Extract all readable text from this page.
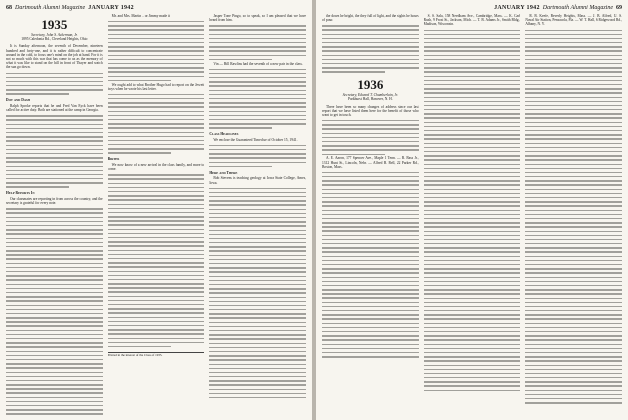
68 Dartmouth Alumni Magazine JANUARY 1942
1935
Secretary, John S. Ackerman, Jr.
1895 Caledonia Rd., Cleveland Heights, Ohio

It is Sunday afternoon, the seventh of December, nineteen hundred and forty-one, and it is rather difficult to concentrate around in the cold, to focus one's mind on the job at hand. For it is not so much with this war that has come to us as the memory of what it was like to stand on the hill in front of Thayer and watch the sun go down.

Dot and Dash

Ralph Sproke reports that he and Fred Van Eyck have been called for active duty. Both are stationed at the camp in Georgia.

Help Reports In

Our classmates are reporting in from across the country, and the secretary is grateful for every note.

Mr. and Mrs. Martin .. or Jimmy made it

We ought add to what Brother Hugo had to report on the Jewett boys when he wrote his last letter.

Births

We now know of a new arrival in the class family, and more to come.

Printed in the interest of the Class of 1935.

Jasper Tone Pingo, so to speak, so I am pleased that we have heard from him.

Vin — Bill Rawlins had the seventh of a new pair in the class.

Class Headlines

We enclose the Guaranteed Timeclue of October 15, 1941.

Here and There

Bob Stevens is teaching geology at Iowa State College, Ames, Iowa.

JANUARY 1942 Dartmouth Alumni Magazine 69

the down he bright, the they full of light, and the sights he hours of pour.

1936
Secretary, Edward T. Chamberlain, Jr.
Parkhurst Hall, Hanover, N. H.

There have been so many changes of address since our last report that we have listed them here for the benefit of those who want to get in touch.

A. E. Aaron, 177 Spencer Ave., Maple 1 Tenn. — R. Bass Jr., 1312 Hunt St., Lincoln, Nebr. — Alfred B. Bell, 22 Parker Rd., Boston, Mass.

S. S. Sala, 158 Needham Ave., Cambridge, Mass. — K. Carl Rush, 9 Frost St., Jackson, Mich. — T. B. Adams Jr., Smith Bldg., Madison, Wisconsin.

R. B. Keefe, Beverly Heights, Mass. — J. B. Alfred, U. S. Naval Air Station, Pensacola, Fla. — W. T. Hall, 6 Ridgewood Rd., Albany, N. Y.
